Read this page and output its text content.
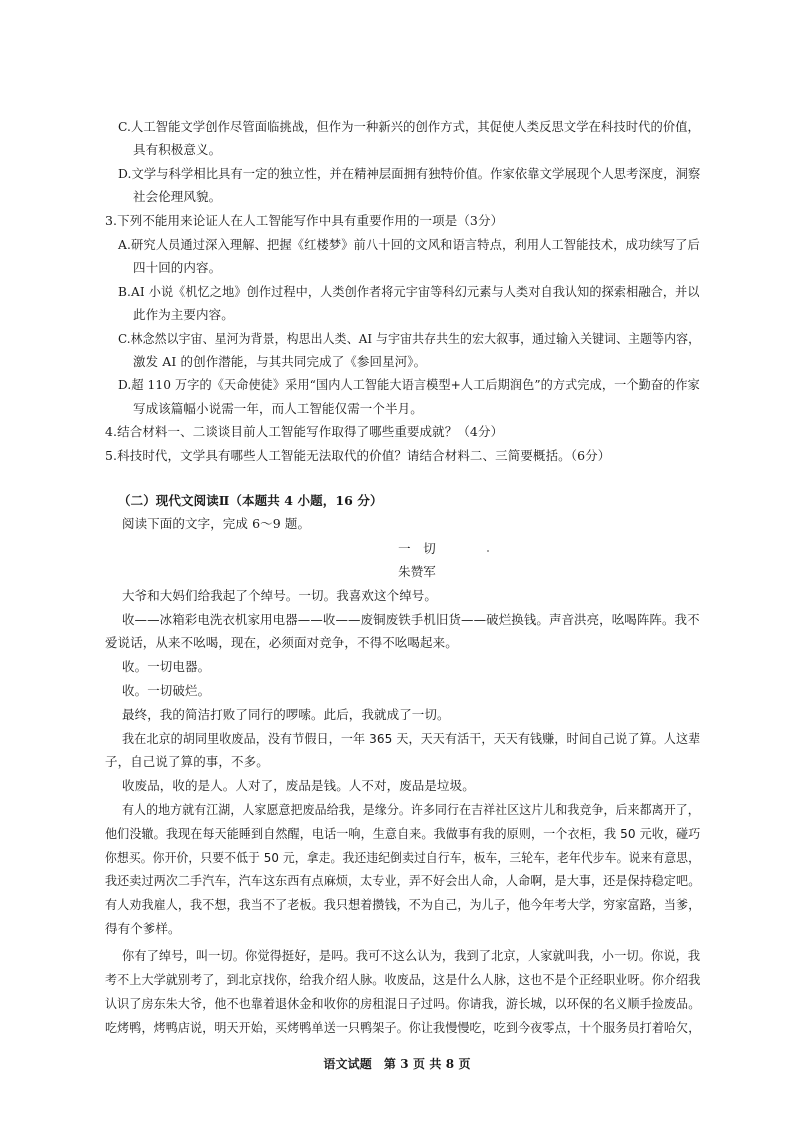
C.人工智能文学创作尽管面临挑战，但作为一种新兴的创作方式，其促使人类反思文学在科技时代的价值，
具有积极意义。
D.文学与科学相比具有一定的独立性，并在精神层面拥有独特价值。作家依靠文学展现个人思考深度，洞察
社会伦理风貌。
3.下列不能用来论证人在人工智能写作中具有重要作用的一项是（3分）
A.研究人员通过深入理解、把握《红楼梦》前八十回的文风和语言特点，利用人工智能技术，成功续写了后
四十回的内容。
B.AI 小说《机忆之地》创作过程中，人类创作者将元宇宙等科幻元素与人类对自我认知的探索相融合，并以
此作为主要内容。
C.林念然以宇宙、星河为背景，构思出人类、AI 与宇宙共存共生的宏大叙事，通过输入关键词、主题等内容，
激发 AI 的创作潜能，与其共同完成了《参回星河》。
D.超 110 万字的《天命使徒》采用“国内人工智能大语言模型+人工后期润色”的方式完成，一个勤奋的作家
写成该篇幅小说需一年，而人工智能仅需一个半月。
4.结合材料一、二谈谈目前人工智能写作取得了哪些重要成就？（4分）
5.科技时代，文学具有哪些人工智能无法取代的价值？请结合材料二、三简要概括。（6分）
（二）现代文阅读Ⅱ（本题共 4 小题，16 分）
阅读下面的文字，完成 6～9 题。
一　切
朱赞军
大爷和大妈们给我起了个绰号。一切。我喜欢这个绰号。
收——冰箱彩电洗衣机家用电器——收——废铜废铁手机旧货——破烂换钱。声音洪亮，吆喝阵阵。我不
爱说话，从来不吆喝，现在，必须面对竞争，不得不吆喝起来。
收。一切电器。
收。一切破烂。
最终，我的简洁打败了同行的啰嗦。此后，我就成了一切。
我在北京的胡同里收废品，没有节假日，一年 365 天，天天有活干，天天有钱赚，时间自己说了算。人这辈
子，自己说了算的事，不多。
收废品，收的是人。人对了，废品是钱。人不对，废品是垃圾。
有人的地方就有江湖，人家愿意把废品给我，是缘分。许多同行在吉祥社区这片儿和我竞争，后来都离开了，
他们没辙。我现在每天能睡到自然醒，电话一响，生意自来。我做事有我的原则，一个衣柜，我 50 元收，碰巧
你想买。你开价，只要不低于 50 元，拿走。我还违纪倒卖过自行车，板车，三轮车，老年代步车。说来有意思，
我还卖过两次二手汽车，汽车这东西有点麻烦，太专业，弄不好会出人命，人命啊，是大事，还是保持稳定吧。
有人劝我雇人，我不想，我当不了老板。我只想着攒钱，不为自己，为儿子，他今年考大学，穷家富路，当爹，
得有个爹样。
你有了绰号，叫一切。你觉得挺好，是吗。我可不这么认为，我到了北京，人家就叫我，小一切。你说，我
考不上大学就别考了，到北京找你，给我介绍人脉。收废品，这是什么人脉，这也不是个正经职业呀。你介绍我
认识了房东朱大爷，他不也靠着退休金和收你的房租混日子过吗。你请我，游长城，以环保的名义顺手捡废品。
吃烤鸭，烤鸭店说，明天开始，买烤鸭单送一只鸭架子。你让我慢慢吃，吃到今夜零点，十个服务员打着哈欠，
语文试题　第 3 页 共 8 页
